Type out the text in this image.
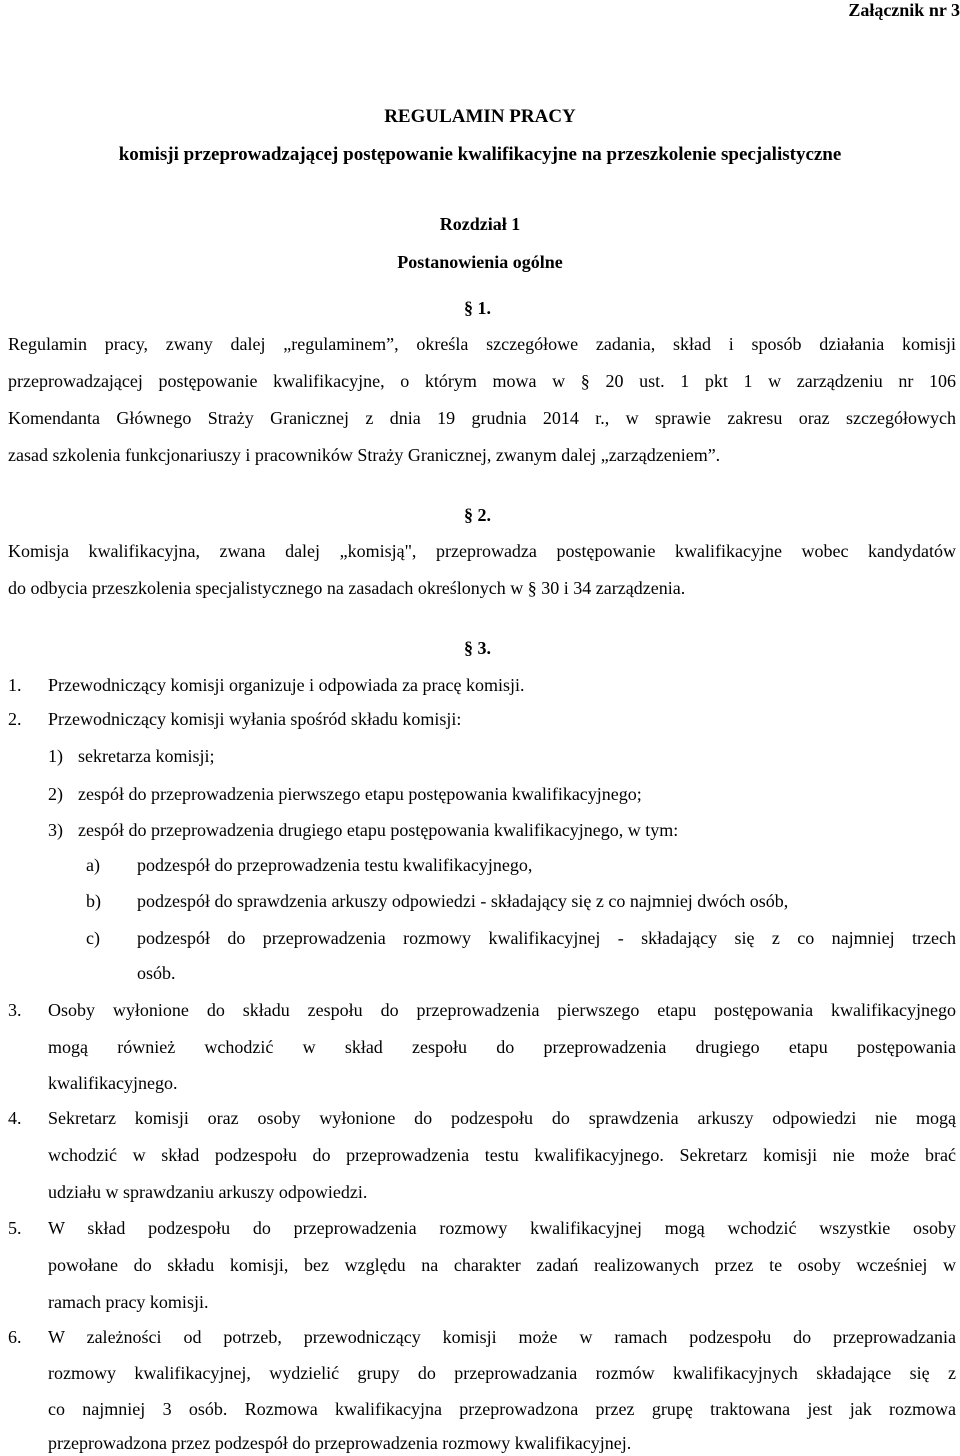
Załącznik nr 3
REGULAMIN PRACY
komisji przeprowadzającej postępowanie kwalifikacyjne na przeszkolenie specjalistyczne
Rozdział 1
Postanowienia ogólne
§ 1.
Regulamin pracy, zwany dalej „regulaminem”, określa szczegółowe zadania, skład i sposób działania komisji
przeprowadzającej postępowanie kwalifikacyjne, o którym mowa w § 20 ust. 1 pkt 1 w zarządzeniu nr 106
Komendanta Głównego Straży Granicznej z dnia 19 grudnia 2014 r., w sprawie zakresu oraz szczegółowych
zasad szkolenia funkcjonariuszy i pracowników Straży Granicznej, zwanym dalej „zarządzeniem”.
§ 2.
Komisja kwalifikacyjna, zwana dalej „komisją", przeprowadza postępowanie kwalifikacyjne wobec kandydatów
do odbycia przeszkolenia specjalistycznego na zasadach określonych w § 30 i 34 zarządzenia.
§ 3.
1. Przewodniczący komisji organizuje i odpowiada za pracę komisji.
2. Przewodniczący komisji wyłania spośród składu komisji:
1) sekretarza komisji;
2) zespół do przeprowadzenia pierwszego etapu postępowania kwalifikacyjnego;
3) zespół do przeprowadzenia drugiego etapu postępowania kwalifikacyjnego, w tym:
a) podzespół do przeprowadzenia testu kwalifikacyjnego,
b) podzespół do sprawdzenia arkuszy odpowiedzi - składający się z co najmniej dwóch osób,
c) podzespół do przeprowadzenia rozmowy kwalifikacyjnej - składający się z co najmniej trzech
osób.
3. Osoby wyłonione do składu zespołu do przeprowadzenia pierwszego etapu postępowania kwalifikacyjnego
mogą również wchodzić w skład zespołu do przeprowadzenia drugiego etapu postępowania
kwalifikacyjnego.
4. Sekretarz komisji oraz osoby wyłonione do podzespołu do sprawdzenia arkuszy odpowiedzi nie mogą
wchodzić w skład podzespołu do przeprowadzenia testu kwalifikacyjnego. Sekretarz komisji nie może brać
udziału w sprawdzaniu arkuszy odpowiedzi.
5. W skład podzespołu do przeprowadzenia rozmowy kwalifikacyjnej mogą wchodzić wszystkie osoby
powołane do składu komisji, bez względu na charakter zadań realizowanych przez te osoby wcześniej w
ramach pracy komisji.
6. W zależności od potrzeb, przewodniczący komisji może w ramach podzespołu do przeprowadzania
rozmowy kwalifikacyjnej, wydzielić grupy do przeprowadzania rozmów kwalifikacyjnych składające się z
co najmniej 3 osób. Rozmowa kwalifikacyjna przeprowadzona przez grupę traktowana jest jak rozmowa
przeprowadzona przez podzespół do przeprowadzenia rozmowy kwalifikacyjnej.
